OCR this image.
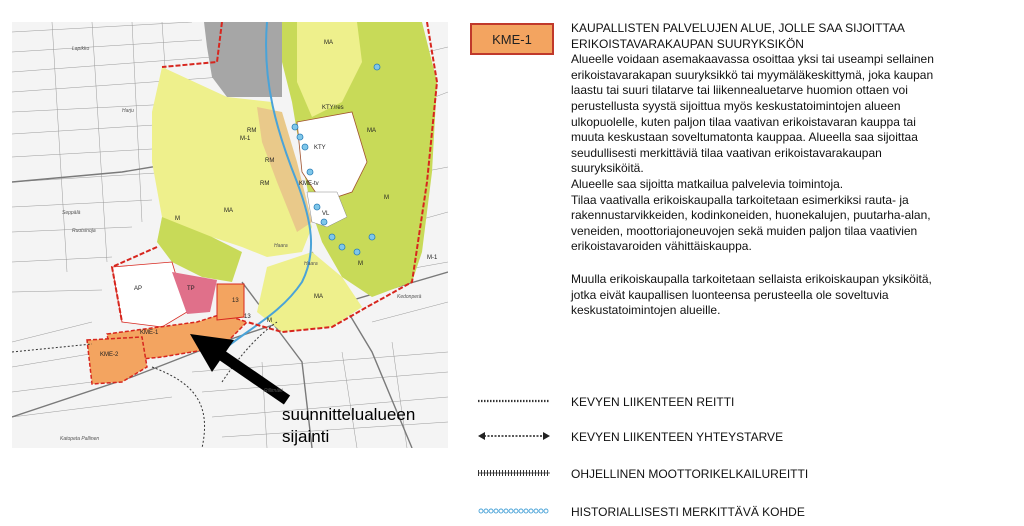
KME-1
KME-2
KTY/res
KTY
KME-tv
TP
AP
MA
MA
MA
MA
M
M
M
M
M-1
M-1
RM
RM
RM
VL
13
13
Lapikko
Harju
Seppälä
Ruotsinoja
Haara
Haara
Kedonperä
Katopeta Pallinen
Rillimäki
suunnittelualueen
sijainti
KME-1
KAUPALLISTEN PALVELUJEN ALUE, JOLLE SAA SIJOITTAA
ERIKOISTAVARAKAUPAN SUURYKSIKÖN

Alueelle voidaan asemakaavassa osoittaa yksi tai useampi sellainen
erikoistavarakapan suuryksikkö tai myymäläkeskittymä, joka kaupan
laastu tai suuri tilatarve tai liikennealuetarve huomion ottaen voi
perustellusta syystä sijoittua myös keskustatoimintojen alueen
ulkopuolelle, kuten paljon tilaa vaativan erikoistavaran kauppa tai
muuta keskustaan soveltumatonta kauppaa. Alueella saa sijoittaa
seudullisesti merkittäviä tilaa vaativan erikoistavarakaupan
suuryksiköitä.

Alueelle saa sijoitta matkailua palvelevia toimintoja.

Tilaa vaativalla erikoiskaupalla tarkoitetaan esimerkiksi rauta- ja
rakennustarvikkeiden, kodinkoneiden, huonekalujen, puutarha-alan,
veneiden, moottoriajoneuvojen sekä muiden paljon tilaa vaativien
erikoistavaroiden vähittäiskauppa.

Muulla erikoiskaupalla tarkoitetaan sellaista erikoiskaupan yksiköitä,
jotka eivät kaupallisen luonteensa perusteella ole soveltuvia
keskustatoimintojen alueille.

KEVYEN LIIKENTEEN REITTI
KEVYEN LIIKENTEEN YHTEYSTARVE
OHJELLINEN MOOTTORIKELKAILUREITTI
HISTORIALLISESTI MERKITTÄVÄ KOHDE
